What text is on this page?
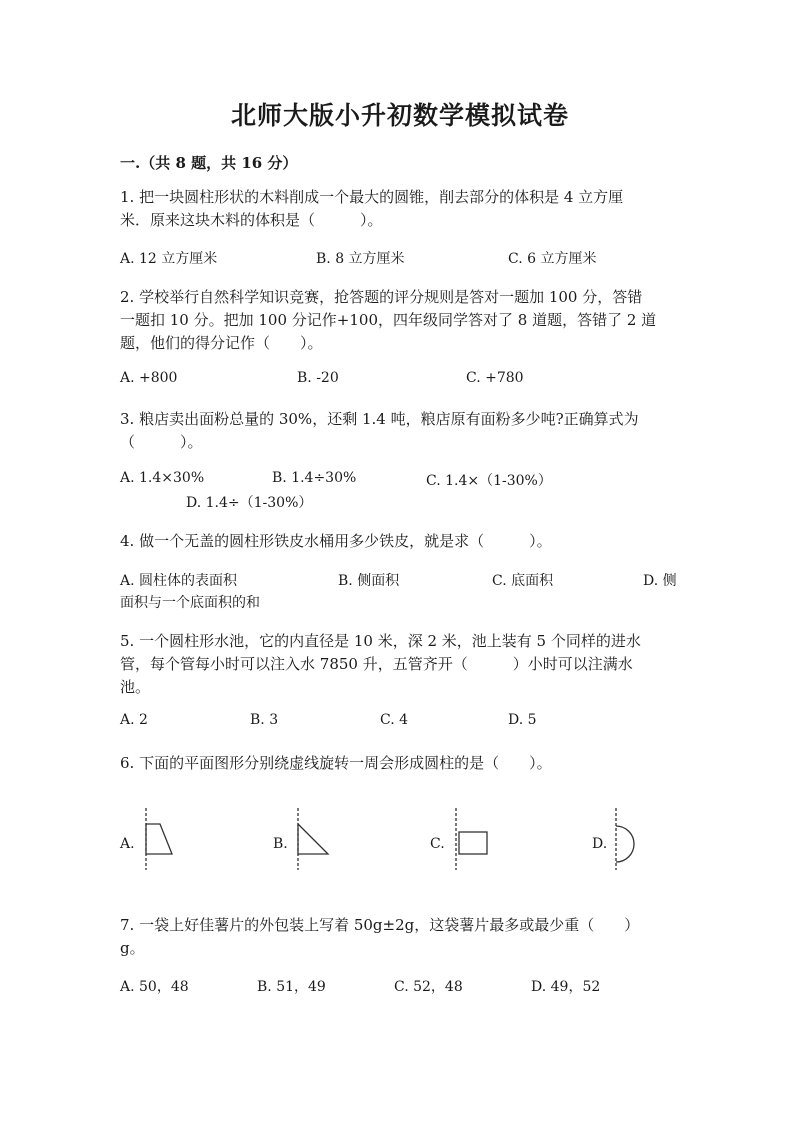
北师大版小升初数学模拟试卷
一.（共 8 题，共 16 分）
1. 把一块圆柱形状的木料削成一个最大的圆锥，削去部分的体积是 4 立方厘
米．原来这块木料的体积是（　　　）。
A. 12 立方厘米	B. 8 立方厘米	C. 6 立方厘米
2. 学校举行自然科学知识竞赛，抢答题的评分规则是答对一题加 100 分，答错
一题扣 10 分。把加 100 分记作+100，四年级同学答对了 8 道题，答错了 2 道
题，他们的得分记作（　　）。
A. +800	B. -20	C. +780
3. 粮店卖出面粉总量的 30%，还剩 1.4 吨，粮店原有面粉多少吨?正确算式为
（　　　）。
A. 1.4×30%	B. 1.4÷30%	C. 1.4×（1-30%）
D. 1.4÷（1-30%）
4. 做一个无盖的圆柱形铁皮水桶用多少铁皮，就是求（　　　）。
A. 圆柱体的表面积	B. 侧面积	C. 底面积	D. 侧
面积与一个底面积的和
5. 一个圆柱形水池，它的内直径是 10 米，深 2 米，池上装有 5 个同样的进水
管，每个管每小时可以注入水 7850 升，五管齐开（　　　）小时可以注满水
池。
A. 2	B. 3	C. 4	D. 5
6. 下面的平面图形分别绕虚线旋转一周会形成圆柱的是（　　）。
A.	B.	C.	D.
7. 一袋上好佳薯片的外包装上写着 50g±2g，这袋薯片最多或最少重（　　）
g。
A. 50，48	B. 51，49	C. 52，48	D. 49，52
